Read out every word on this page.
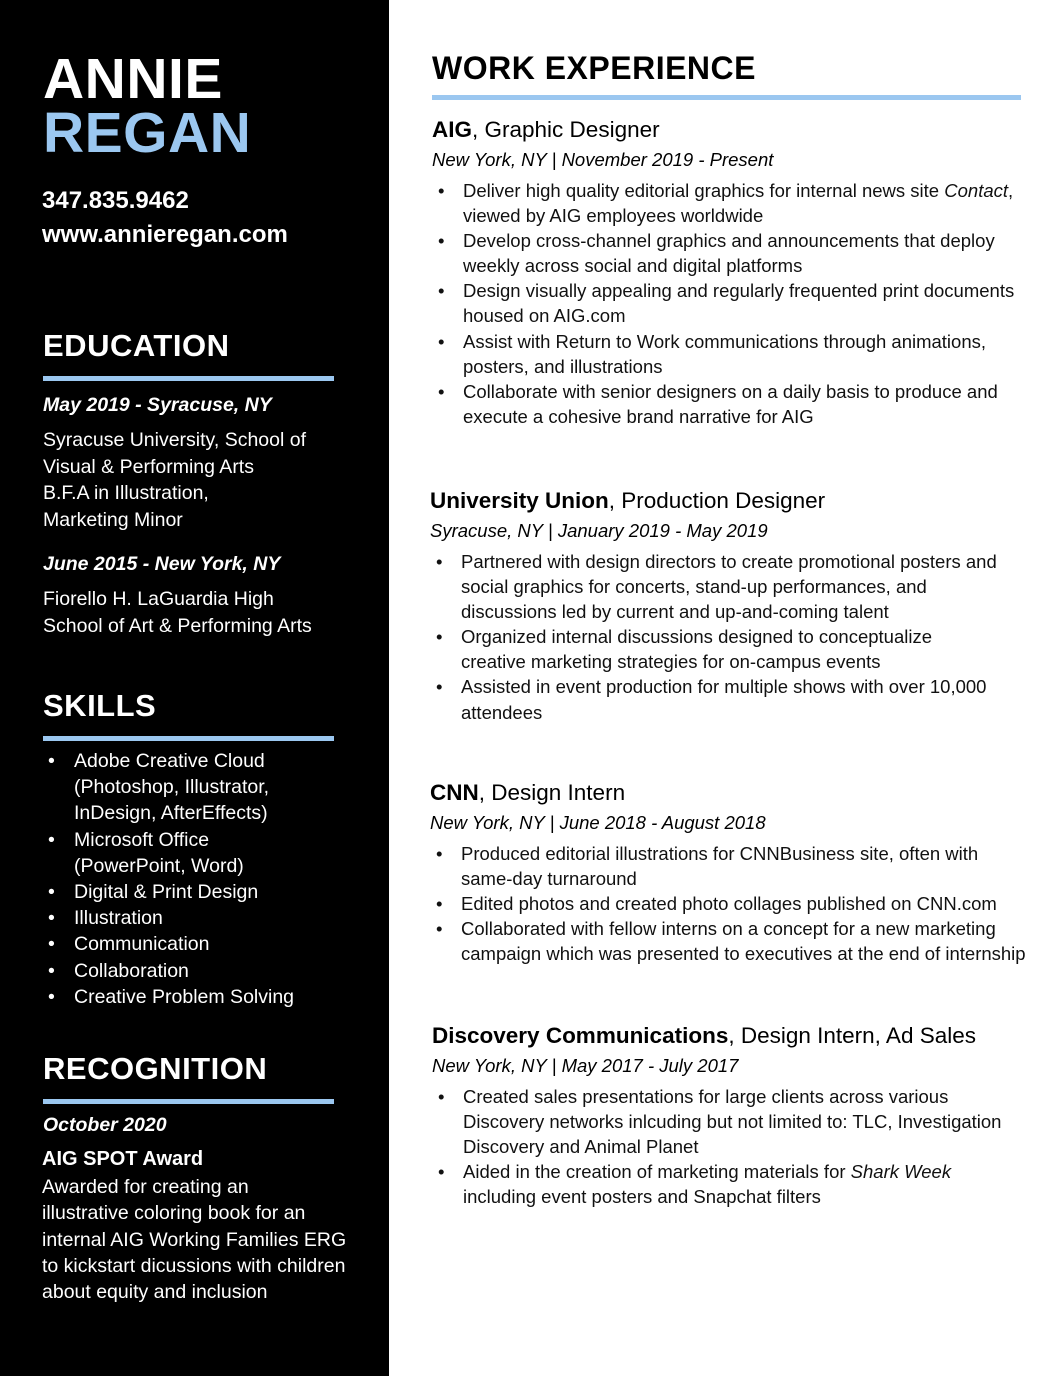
ANNIE
REGAN
347.835.9462
www.annieregan.com
EDUCATION
May 2019 - Syracuse, NY
Syracuse University, School of
Visual & Performing Arts
B.F.A in Illustration,
Marketing Minor
June 2015 - New York, NY
Fiorello H. LaGuardia High
School of Art & Performing Arts
SKILLS
• Adobe Creative Cloud
(Photoshop, Illustrator,
InDesign, AfterEffects)
• Microsoft Office
(PowerPoint, Word)
• Digital & Print Design
• Illustration
• Communication
• Collaboration
• Creative Problem Solving
RECOGNITION
October 2020
AIG SPOT Award
Awarded for creating an
illustrative coloring book for an
internal AIG Working Families ERG
to kickstart dicussions with children
about equity and inclusion
WORK EXPERIENCE
AIG, Graphic Designer
New York, NY | November 2019 - Present
• Deliver high quality editorial graphics for internal news site Contact,
viewed by AIG employees worldwide
• Develop cross-channel graphics and announcements that deploy
weekly across social and digital platforms
• Design visually appealing and regularly frequented print documents
housed on AIG.com
• Assist with Return to Work communications through animations,
posters, and illustrations
• Collaborate with senior designers on a daily basis to produce and
execute a cohesive brand narrative for AIG
University Union, Production Designer
Syracuse, NY | January 2019 - May 2019
• Partnered with design directors to create promotional posters and
social graphics for concerts, stand-up performances, and
discussions led by current and up-and-coming talent
• Organized internal discussions designed to conceptualize
creative marketing strategies for on-campus events
• Assisted in event production for multiple shows with over 10,000
attendees
CNN, Design Intern
New York, NY | June 2018 - August 2018
• Produced editorial illustrations for CNNBusiness site, often with
same-day turnaround
• Edited photos and created photo collages published on CNN.com
• Collaborated with fellow interns on a concept for a new marketing
campaign which was presented to executives at the end of internship
Discovery Communications, Design Intern, Ad Sales
New York, NY | May 2017 - July 2017
• Created sales presentations for large clients across various
Discovery networks inlcuding but not limited to: TLC, Investigation
Discovery and Animal Planet
• Aided in the creation of marketing materials for Shark Week
including event posters and Snapchat filters
